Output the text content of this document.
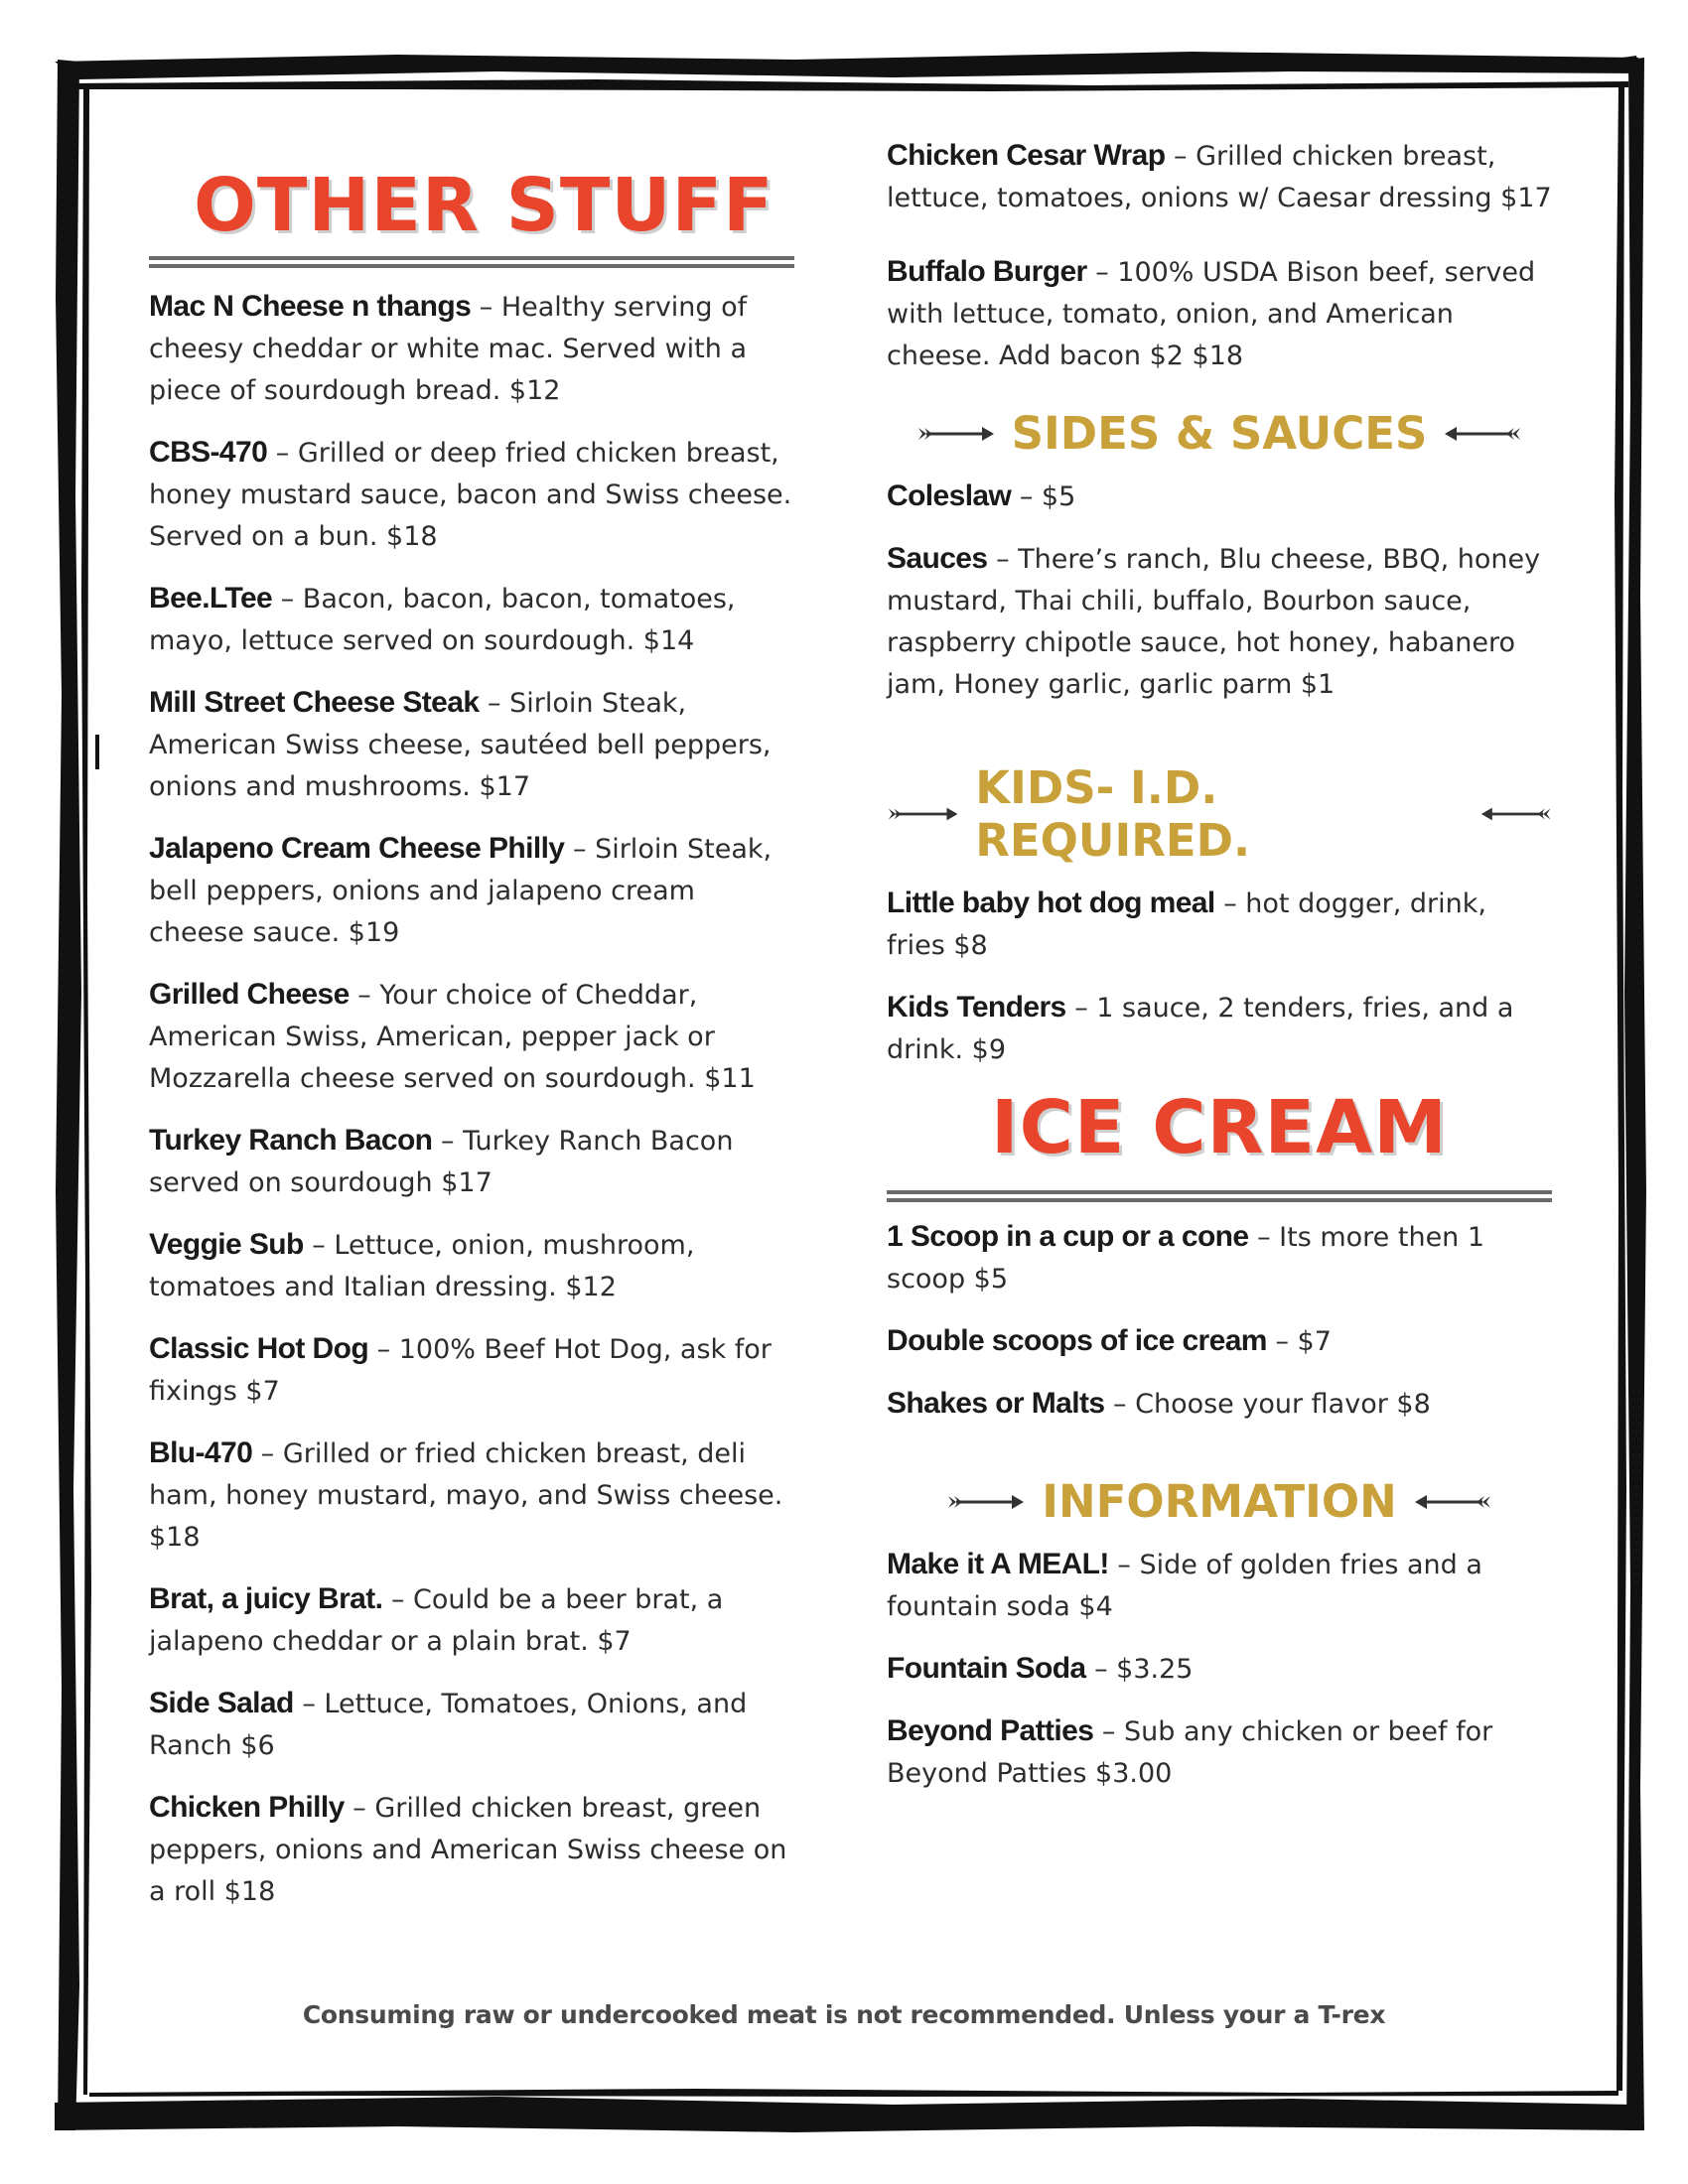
OTHER STUFF

Mac N Cheese n thangs – Healthy serving of cheesy cheddar or white mac. Served with a piece of sourdough bread. $12

CBS-470 – Grilled or deep fried chicken breast, honey mustard sauce, bacon and Swiss cheese. Served on a bun. $18

Bee.LTee – Bacon, bacon, bacon, tomatoes, mayo, lettuce served on sourdough. $14

Mill Street Cheese Steak – Sirloin Steak, American Swiss cheese, sautéed bell peppers, onions and mushrooms. $17

Jalapeno Cream Cheese Philly – Sirloin Steak, bell peppers, onions and jalapeno cream cheese sauce. $19

Grilled Cheese – Your choice of Cheddar, American Swiss, American, pepper jack or Mozzarella cheese served on sourdough. $11

Turkey Ranch Bacon – Turkey Ranch Bacon served on sourdough $17

Veggie Sub – Lettuce, onion, mushroom, tomatoes and Italian dressing. $12

Classic Hot Dog – 100% Beef Hot Dog, ask for fixings $7

Blu-470 – Grilled or fried chicken breast, deli ham, honey mustard, mayo, and Swiss cheese. $18

Brat, a juicy Brat. – Could be a beer brat, a jalapeno cheddar or a plain brat. $7

Side Salad – Lettuce, Tomatoes, Onions, and Ranch $6

Chicken Philly – Grilled chicken breast, green peppers, onions and American Swiss cheese on a roll $18

Chicken Cesar Wrap – Grilled chicken breast, lettuce, tomatoes, onions w/ Caesar dressing $17

Buffalo Burger – 100% USDA Bison beef, served with lettuce, tomato, onion, and American cheese. Add bacon $2 $18

SIDES & SAUCES

Coleslaw – $5

Sauces – There’s ranch, Blu cheese, BBQ, honey mustard, Thai chili, buffalo, Bourbon sauce, raspberry chipotle sauce, hot honey, habanero jam, Honey garlic, garlic parm $1

KIDS- I.D. REQUIRED.

Little baby hot dog meal – hot dogger, drink, fries $8

Kids Tenders – 1 sauce, 2 tenders, fries, and a drink. $9

ICE CREAM

1 Scoop in a cup or a cone – Its more then 1 scoop $5

Double scoops of ice cream – $7

Shakes or Malts – Choose your flavor $8

INFORMATION

Make it A MEAL! – Side of golden fries and a fountain soda $4

Fountain Soda – $3.25

Beyond Patties – Sub any chicken or beef for Beyond Patties $3.00

Consuming raw or undercooked meat is not recommended. Unless your a T-rex
